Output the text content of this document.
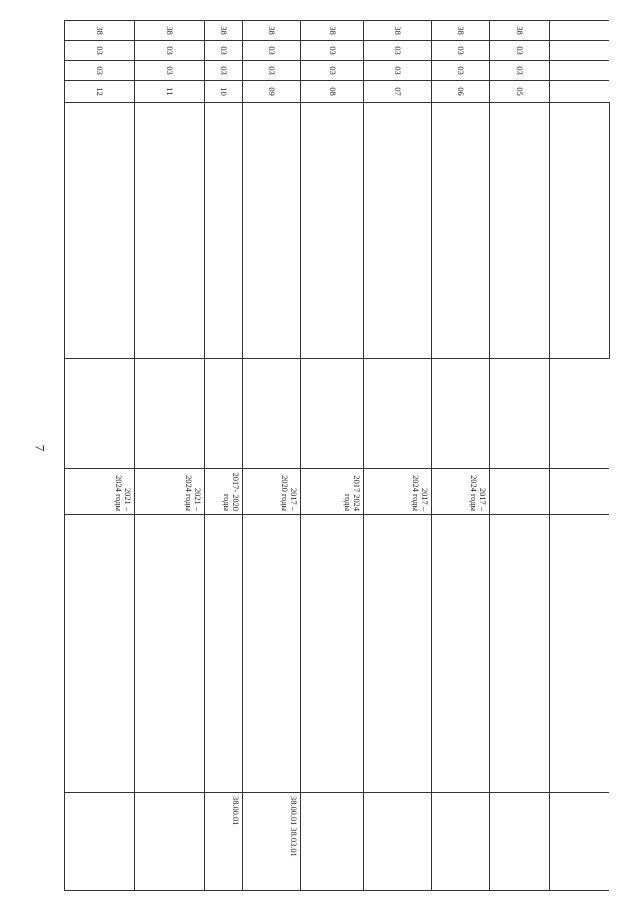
7

38	03	03	05					
38	03	03	06			2017 – 2024 годы		
38	03	03	07			2017 – 2024 годы		
38	03	03	08			2017 2024 годы		
38	03	03	09			2017 – 2020 годы		38.00.01 38.03.01
38	03	03	10			2017- 2020 годы		38.00.01
38	03	03	11			2021 – 2024 годы		
38	03	03	12			2021 – 2024 годы		
